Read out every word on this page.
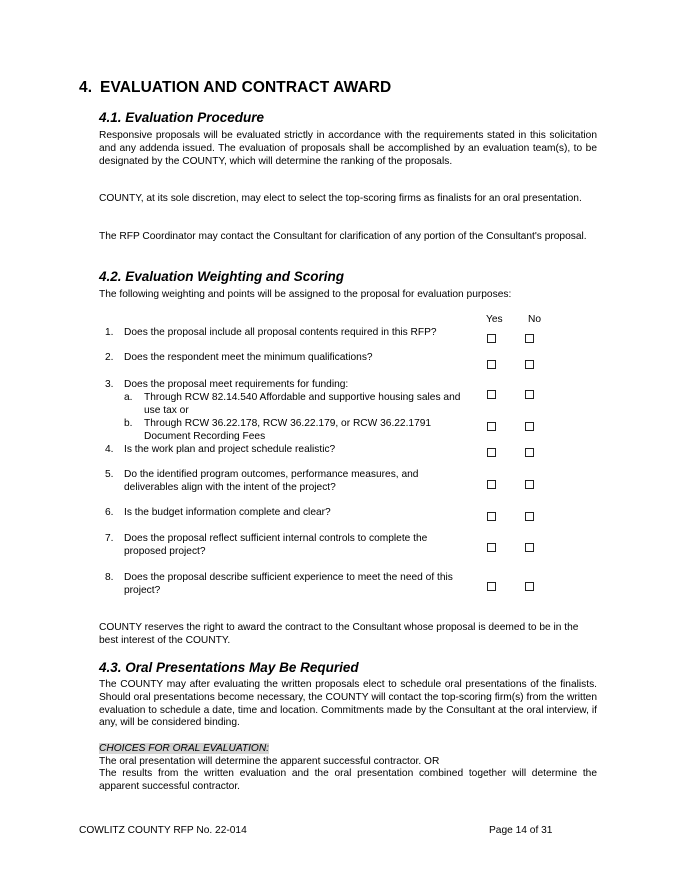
4. EVALUATION AND CONTRACT AWARD
4.1. Evaluation Procedure
Responsive proposals will be evaluated strictly in accordance with the requirements stated in this solicitation and any addenda issued. The evaluation of proposals shall be accomplished by an evaluation team(s), to be designated by the COUNTY, which will determine the ranking of the proposals.
COUNTY, at its sole discretion, may elect to select the top-scoring firms as finalists for an oral presentation.
The RFP Coordinator may contact the Consultant for clarification of any portion of the Consultant's proposal.
4.2. Evaluation Weighting and Scoring
The following weighting and points will be assigned to the proposal for evaluation purposes:
Yes No
1. Does the proposal include all proposal contents required in this RFP?
2. Does the respondent meet the minimum qualifications?
3. Does the proposal meet requirements for funding:
a. Through RCW 82.14.540 Affordable and supportive housing sales and use tax or
b. Through RCW 36.22.178, RCW 36.22.179, or RCW 36.22.1791 Document Recording Fees
4. Is the work plan and project schedule realistic?
5. Do the identified program outcomes, performance measures, and deliverables align with the intent of the project?
6. Is the budget information complete and clear?
7. Does the proposal reflect sufficient internal controls to complete the proposed project?
8. Does the proposal describe sufficient experience to meet the need of this project?
COUNTY reserves the right to award the contract to the Consultant whose proposal is deemed to be in the best interest of the COUNTY.
4.3. Oral Presentations May Be Requried
The COUNTY may after evaluating the written proposals elect to schedule oral presentations of the finalists. Should oral presentations become necessary, the COUNTY will contact the top-scoring firm(s) from the written evaluation to schedule a date, time and location. Commitments made by the Consultant at the oral interview, if any, will be considered binding.
CHOICES FOR ORAL EVALUATION:
The oral presentation will determine the apparent successful contractor. OR
The results from the written evaluation and the oral presentation combined together will determine the apparent successful contractor.
COWLITZ COUNTY RFP No. 22-014	Page 14 of 31
